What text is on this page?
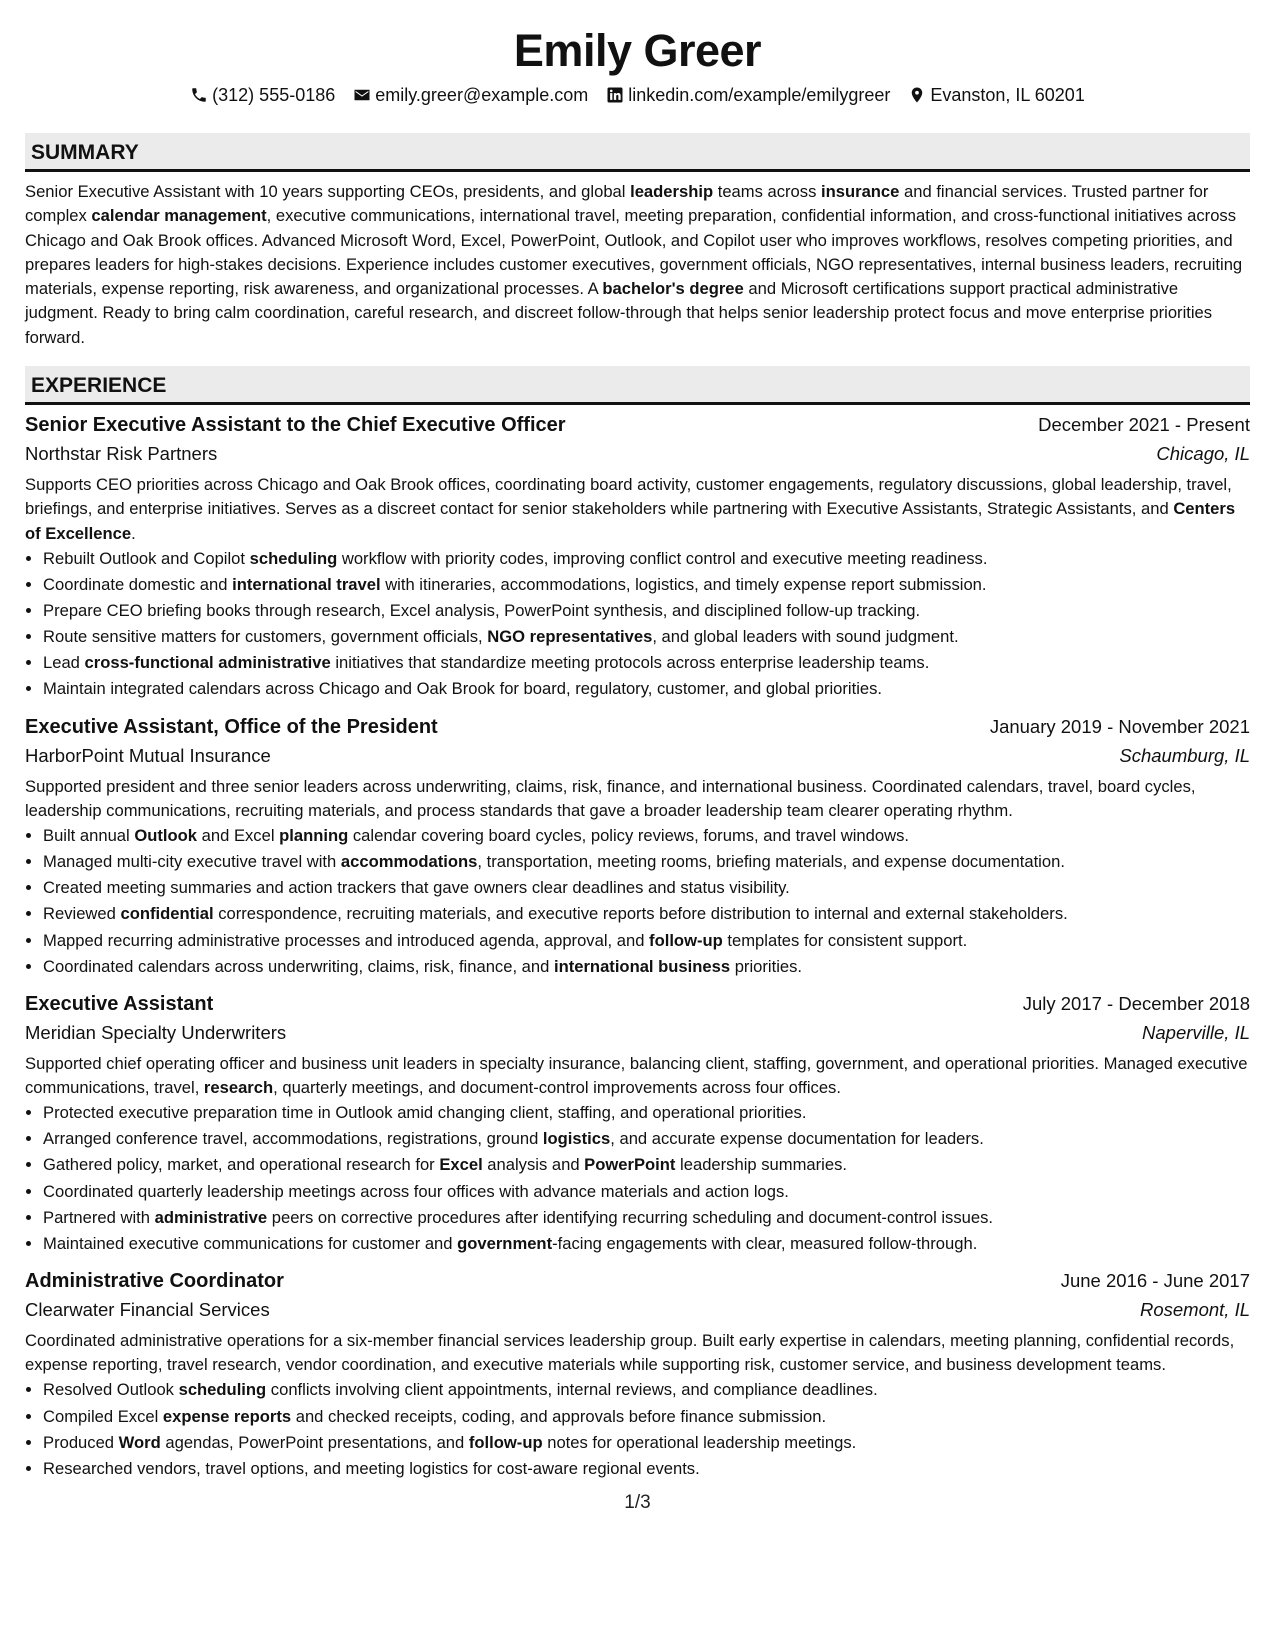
Emily Greer
(312) 555-0186 emily.greer@example.com linkedin.com/example/emilygreer Evanston, IL 60201
SUMMARY
Senior Executive Assistant with 10 years supporting CEOs, presidents, and global leadership teams across insurance and financial services. Trusted partner for complex calendar management, executive communications, international travel, meeting preparation, confidential information, and cross-functional initiatives across Chicago and Oak Brook offices. Advanced Microsoft Word, Excel, PowerPoint, Outlook, and Copilot user who improves workflows, resolves competing priorities, and prepares leaders for high-stakes decisions. Experience includes customer executives, government officials, NGO representatives, internal business leaders, recruiting materials, expense reporting, risk awareness, and organizational processes. A bachelor's degree and Microsoft certifications support practical administrative judgment. Ready to bring calm coordination, careful research, and discreet follow-through that helps senior leadership protect focus and move enterprise priorities forward.
EXPERIENCE
Senior Executive Assistant to the Chief Executive Officer	December 2021 - Present
Northstar Risk Partners	Chicago, IL
Supports CEO priorities across Chicago and Oak Brook offices, coordinating board activity, customer engagements, regulatory discussions, global leadership, travel, briefings, and enterprise initiatives. Serves as a discreet contact for senior stakeholders while partnering with Executive Assistants, Strategic Assistants, and Centers of Excellence.
• Rebuilt Outlook and Copilot scheduling workflow with priority codes, improving conflict control and executive meeting readiness.
• Coordinate domestic and international travel with itineraries, accommodations, logistics, and timely expense report submission.
• Prepare CEO briefing books through research, Excel analysis, PowerPoint synthesis, and disciplined follow-up tracking.
• Route sensitive matters for customers, government officials, NGO representatives, and global leaders with sound judgment.
• Lead cross-functional administrative initiatives that standardize meeting protocols across enterprise leadership teams.
• Maintain integrated calendars across Chicago and Oak Brook for board, regulatory, customer, and global priorities.
Executive Assistant, Office of the President	January 2019 - November 2021
HarborPoint Mutual Insurance	Schaumburg, IL
Supported president and three senior leaders across underwriting, claims, risk, finance, and international business. Coordinated calendars, travel, board cycles, leadership communications, recruiting materials, and process standards that gave a broader leadership team clearer operating rhythm.
• Built annual Outlook and Excel planning calendar covering board cycles, policy reviews, forums, and travel windows.
• Managed multi-city executive travel with accommodations, transportation, meeting rooms, briefing materials, and expense documentation.
• Created meeting summaries and action trackers that gave owners clear deadlines and status visibility.
• Reviewed confidential correspondence, recruiting materials, and executive reports before distribution to internal and external stakeholders.
• Mapped recurring administrative processes and introduced agenda, approval, and follow-up templates for consistent support.
• Coordinated calendars across underwriting, claims, risk, finance, and international business priorities.
Executive Assistant	July 2017 - December 2018
Meridian Specialty Underwriters	Naperville, IL
Supported chief operating officer and business unit leaders in specialty insurance, balancing client, staffing, government, and operational priorities. Managed executive communications, travel, research, quarterly meetings, and document-control improvements across four offices.
• Protected executive preparation time in Outlook amid changing client, staffing, and operational priorities.
• Arranged conference travel, accommodations, registrations, ground logistics, and accurate expense documentation for leaders.
• Gathered policy, market, and operational research for Excel analysis and PowerPoint leadership summaries.
• Coordinated quarterly leadership meetings across four offices with advance materials and action logs.
• Partnered with administrative peers on corrective procedures after identifying recurring scheduling and document-control issues.
• Maintained executive communications for customer and government-facing engagements with clear, measured follow-through.
Administrative Coordinator	June 2016 - June 2017
Clearwater Financial Services	Rosemont, IL
Coordinated administrative operations for a six-member financial services leadership group. Built early expertise in calendars, meeting planning, confidential records, expense reporting, travel research, vendor coordination, and executive materials while supporting risk, customer service, and business development teams.
• Resolved Outlook scheduling conflicts involving client appointments, internal reviews, and compliance deadlines.
• Compiled Excel expense reports and checked receipts, coding, and approvals before finance submission.
• Produced Word agendas, PowerPoint presentations, and follow-up notes for operational leadership meetings.
• Researched vendors, travel options, and meeting logistics for cost-aware regional events.
1/3
